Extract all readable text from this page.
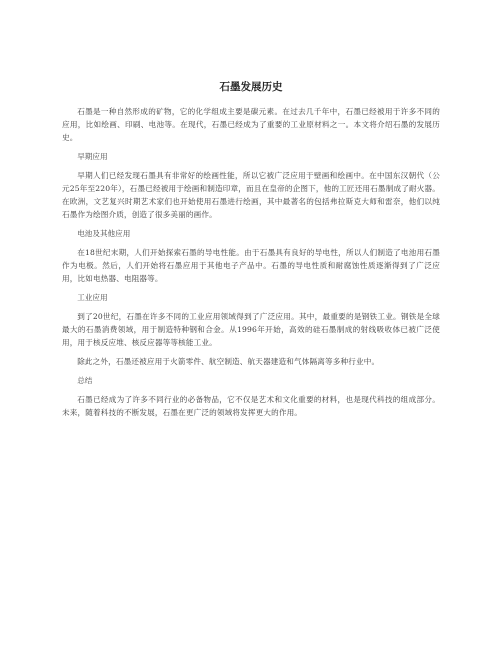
石墨发展历史

石墨是一种自然形成的矿物，它的化学组成主要是碳元素。在过去几千年中，石墨已经被用于许多不同的应用，比如绘画、印刷、电池等。在现代，石墨已经成为了重要的工业原材料之一。本文将介绍石墨的发展历史。

早期应用

早期人们已经发现石墨具有非常好的绘画性能，所以它被广泛应用于壁画和绘画中。在中国东汉朝代（公元25年至220年），石墨已经被用于绘画和制造印章，而且在皇帝的企图下，他的工匠还用石墨制成了耐火器。在欧洲，文艺复兴时期艺术家们也开始使用石墨进行绘画，其中最著名的包括弗拉斯克大师和雷奈，他们以纯石墨作为绘图介质，创造了很多美丽的画作。

电池及其他应用

在18世纪末期，人们开始探索石墨的导电性能。由于石墨具有良好的导电性，所以人们制造了电池用石墨作为电极。然后，人们开始将石墨应用于其他电子产品中。石墨的导电性质和耐腐蚀性质逐渐得到了广泛应用，比如电热器、电阻器等。

工业应用

到了20世纪，石墨在许多不同的工业应用领域得到了广泛应用。其中，最重要的是钢铁工业。钢铁是全球最大的石墨消费领域，用于制造特种钢和合金。从1996年开始，高效的硅石墨制成的射线吸收体已被广泛使用，用于核反应堆、核反应器等等核能工业。

除此之外，石墨还被应用于火箭零件、航空制造、航天器建造和气体隔离等多种行业中。

总结

石墨已经成为了许多不同行业的必备物品，它不仅是艺术和文化重要的材料，也是现代科技的组成部分。未来，随着科技的不断发展，石墨在更广泛的领域将发挥更大的作用。
